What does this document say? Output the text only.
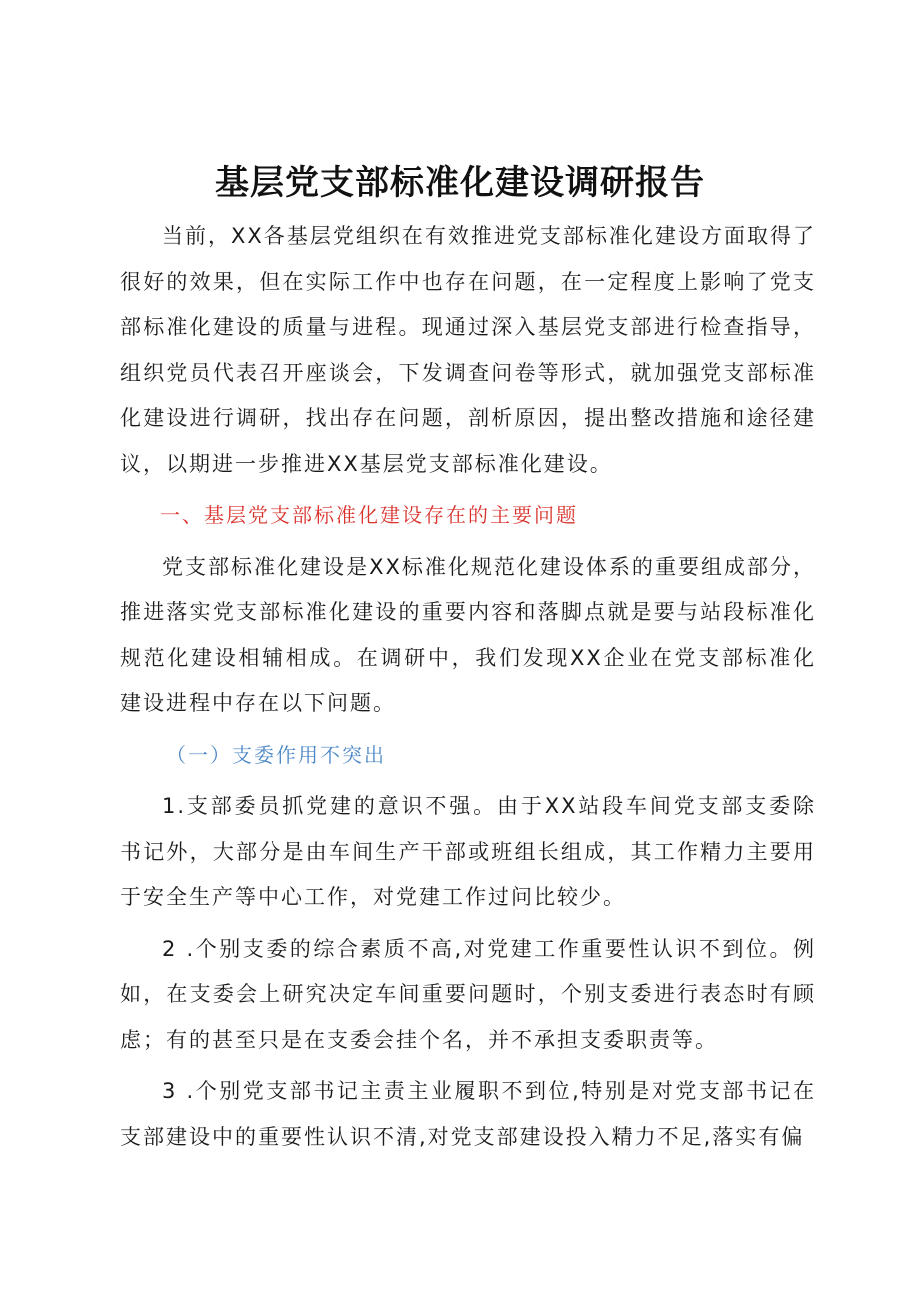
基层党支部标准化建设调研报告

当前，XX各基层党组织在有效推进党支部标准化建设方面取得了很好的效果，但在实际工作中也存在问题，在一定程度上影响了党支部标准化建设的质量与进程。现通过深入基层党支部进行检查指导，组织党员代表召开座谈会，下发调查问卷等形式，就加强党支部标准化建设进行调研，找出存在问题，剖析原因，提出整改措施和途径建议，以期进一步推进XX基层党支部标准化建设。

一、基层党支部标准化建设存在的主要问题

党支部标准化建设是XX标准化规范化建设体系的重要组成部分，推进落实党支部标准化建设的重要内容和落脚点就是要与站段标准化规范化建设相辅相成。在调研中，我们发现XX企业在党支部标准化建设进程中存在以下问题。

（一）支委作用不突出

1.支部委员抓党建的意识不强。由于XX站段车间党支部支委除书记外，大部分是由车间生产干部或班组长组成，其工作精力主要用于安全生产等中心工作，对党建工作过问比较少。

2 .个别支委的综合素质不高,对党建工作重要性认识不到位。例如，在支委会上研究决定车间重要问题时，个别支委进行表态时有顾虑；有的甚至只是在支委会挂个名，并不承担支委职责等。

3 .个别党支部书记主责主业履职不到位,特别是对党支部书记在支部建设中的重要性认识不清,对党支部建设投入精力不足,落实有偏
